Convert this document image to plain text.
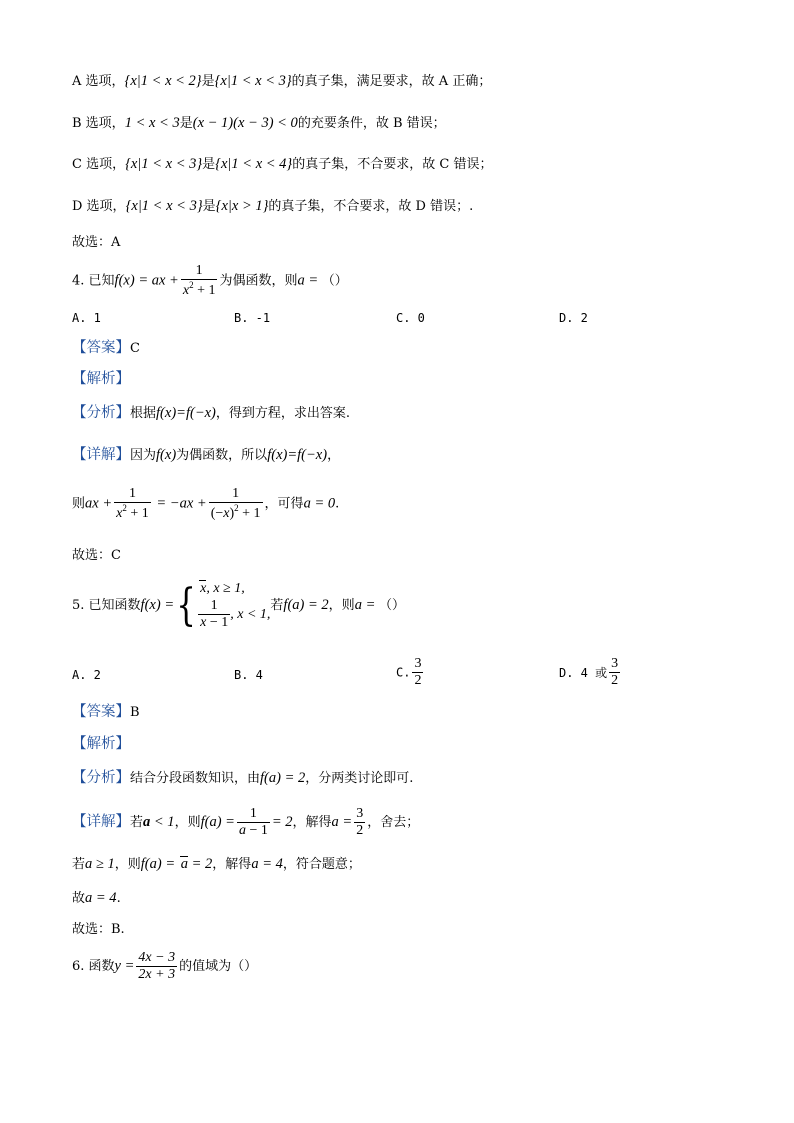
A 选项，{x|1 < x < 2}是{x|1 < x < 3}的真子集，满足要求，故 A 正确；
B 选项，1 < x < 3是(x − 1)(x − 3) < 0的充要条件，故 B 错误；
C 选项，{x|1 < x < 3}是{x|1 < x < 4}的真子集，不合要求，故 C 错误；
D 选项，{x|1 < x < 3}是{x|x > 1}的真子集，不合要求，故 D 错误；.
故选：A
4. 已知f(x) = ax + $\frac{1}{x^2 + 1}$ 为偶函数，则a = （）
A. 1	B. -1	C. 0	D. 2
【答案】C
【解析】
【分析】根据f(x)=f(−x)，得到方程，求出答案.
【详解】因为f(x)为偶函数，所以f(x)=f(−x)，
则ax + $\frac{1}{x^2 + 1} = -ax + \frac{1}{(-x)^2 + 1}$ ，可得a = 0.
故选：C
5. 已知函数f(x) ={ x, x ≥ 1,
$\frac{1}{x - 1}$ , x < 1,
若f(a) = 2，则a = （）
A. 2	B. 4	C. $\frac{3}{2}$	D. 4 或 $\frac{3}{2}$
【答案】B
【解析】
【分析】结合分段函数知识，由f(a) = 2，分两类讨论即可.
【详解】若a < 1，则$f(a) = \frac{1}{a - 1} = 2$，解得$a = \frac{3}{2}$ ，舍去；
若a ≥ 1，则f(a) = a = 2，解得a = 4，符合题意；
故a = 4.
故选：B.
6. 函数$y = \frac{4x - 3}{2x + 3}$ 的值域为（）
